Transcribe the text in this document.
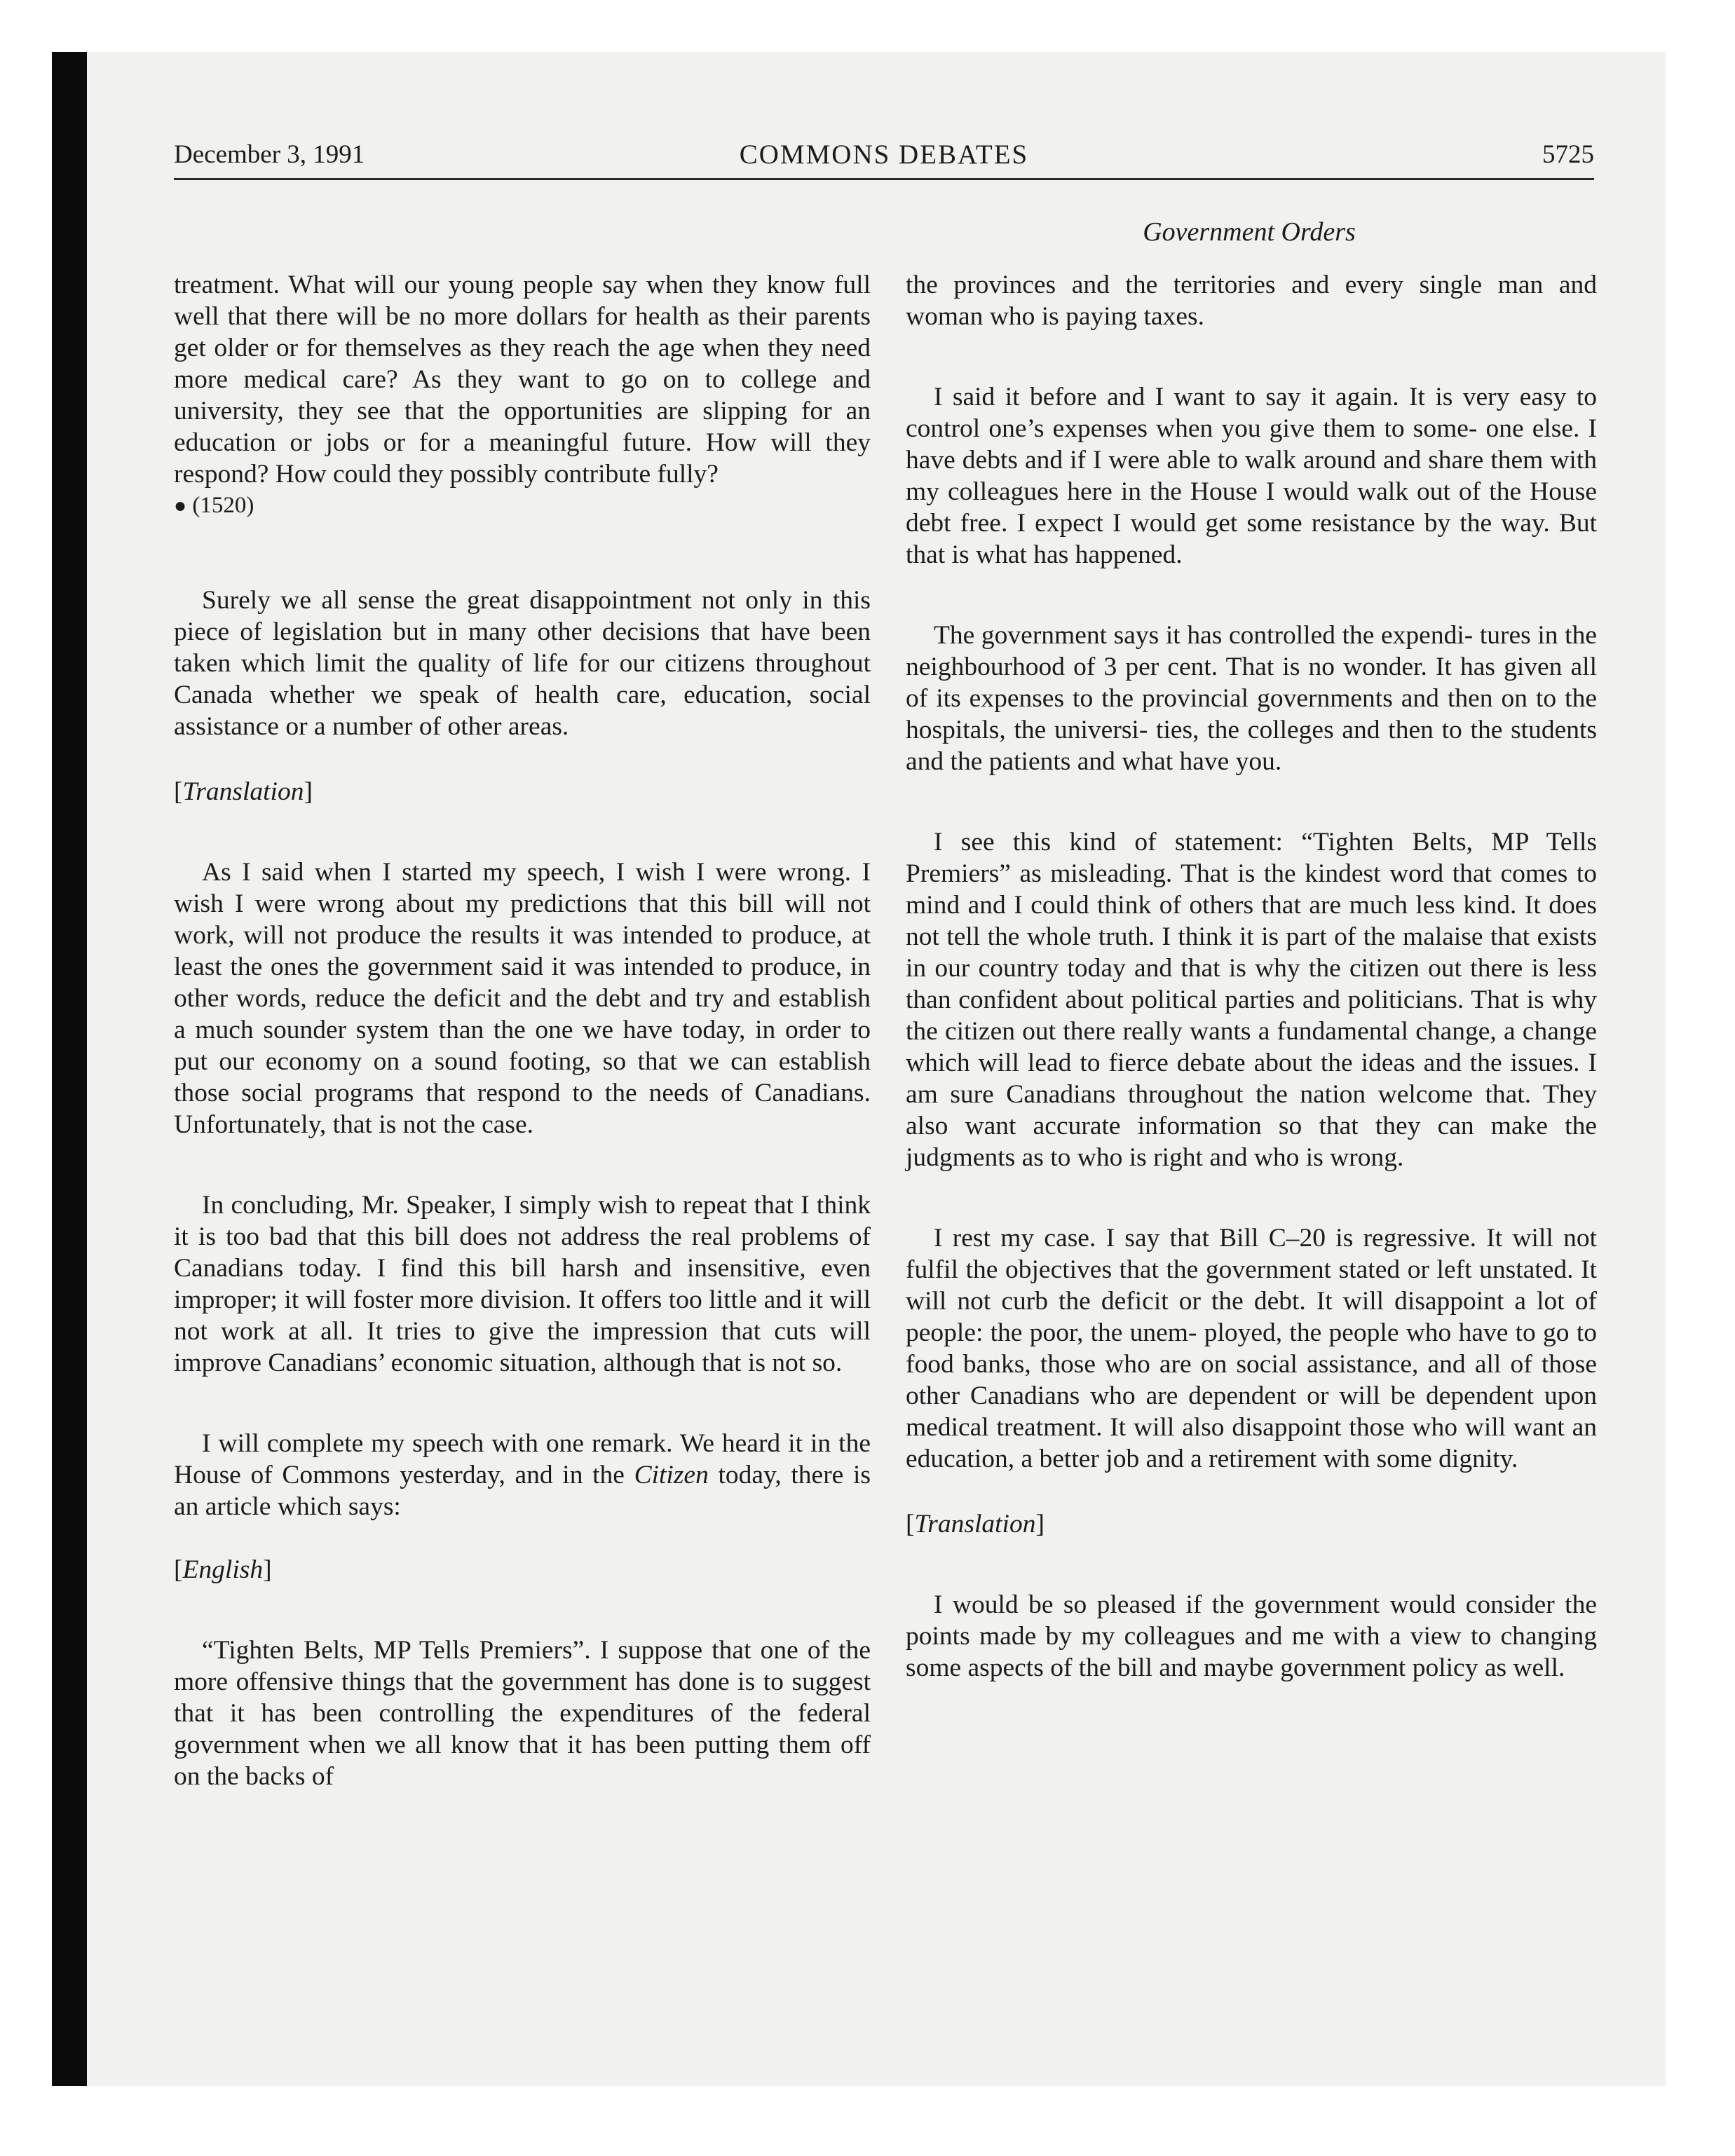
COMMONS DEBATES
December 3, 1991	5725
Government Orders

treatment. What will our young people say when they know full well that there will be no more dollars for health as their parents get older or for themselves as they reach the age when they need more medical care? As they want to go on to college and university, they see that the opportunities are slipping for an education or jobs or for a meaningful future. How will they respond? How could they possibly contribute fully?

● (1520)

Surely we all sense the great disappointment not only in this piece of legislation but in many other decisions that have been taken which limit the quality of life for our citizens throughout Canada whether we speak of health care, education, social assistance or a number of other areas.

[Translation]

As I said when I started my speech, I wish I were wrong. I wish I were wrong about my predictions that this bill will not work, will not produce the results it was intended to produce, at least the ones the government said it was intended to produce, in other words, reduce the deficit and the debt and try and establish a much sounder system than the one we have today, in order to put our economy on a sound footing, so that we can establish those social programs that respond to the needs of Canadians. Unfortunately, that is not the case.

In concluding, Mr. Speaker, I simply wish to repeat that I think it is too bad that this bill does not address the real problems of Canadians today. I find this bill harsh and insensitive, even improper; it will foster more division. It offers too little and it will not work at all. It tries to give the impression that cuts will improve Canadians’ economic situation, although that is not so.

I will complete my speech with one remark. We heard it in the House of Commons yesterday, and in the Citizen today, there is an article which says:

[English]

“Tighten Belts, MP Tells Premiers”. I suppose that one of the more offensive things that the government has done is to suggest that it has been controlling the expenditures of the federal government when we all know that it has been putting them off on the backs of

the provinces and the territories and every single man and woman who is paying taxes.

I said it before and I want to say it again. It is very easy to control one’s expenses when you give them to some- one else. I have debts and if I were able to walk around and share them with my colleagues here in the House I would walk out of the House debt free. I expect I would get some resistance by the way. But that is what has happened.

The government says it has controlled the expendi- tures in the neighbourhood of 3 per cent. That is no wonder. It has given all of its expenses to the provincial governments and then on to the hospitals, the universi- ties, the colleges and then to the students and the patients and what have you.

I see this kind of statement: “Tighten Belts, MP Tells Premiers” as misleading. That is the kindest word that comes to mind and I could think of others that are much less kind. It does not tell the whole truth. I think it is part of the malaise that exists in our country today and that is why the citizen out there is less than confident about political parties and politicians. That is why the citizen out there really wants a fundamental change, a change which will lead to fierce debate about the ideas and the issues. I am sure Canadians throughout the nation welcome that. They also want accurate information so that they can make the judgments as to who is right and who is wrong.

I rest my case. I say that Bill C–20 is regressive. It will not fulfil the objectives that the government stated or left unstated. It will not curb the deficit or the debt. It will disappoint a lot of people: the poor, the unem- ployed, the people who have to go to food banks, those who are on social assistance, and all of those other Canadians who are dependent or will be dependent upon medical treatment. It will also disappoint those who will want an education, a better job and a retirement with some dignity.

[Translation]

I would be so pleased if the government would consider the points made by my colleagues and me with a view to changing some aspects of the bill and maybe government policy as well.
